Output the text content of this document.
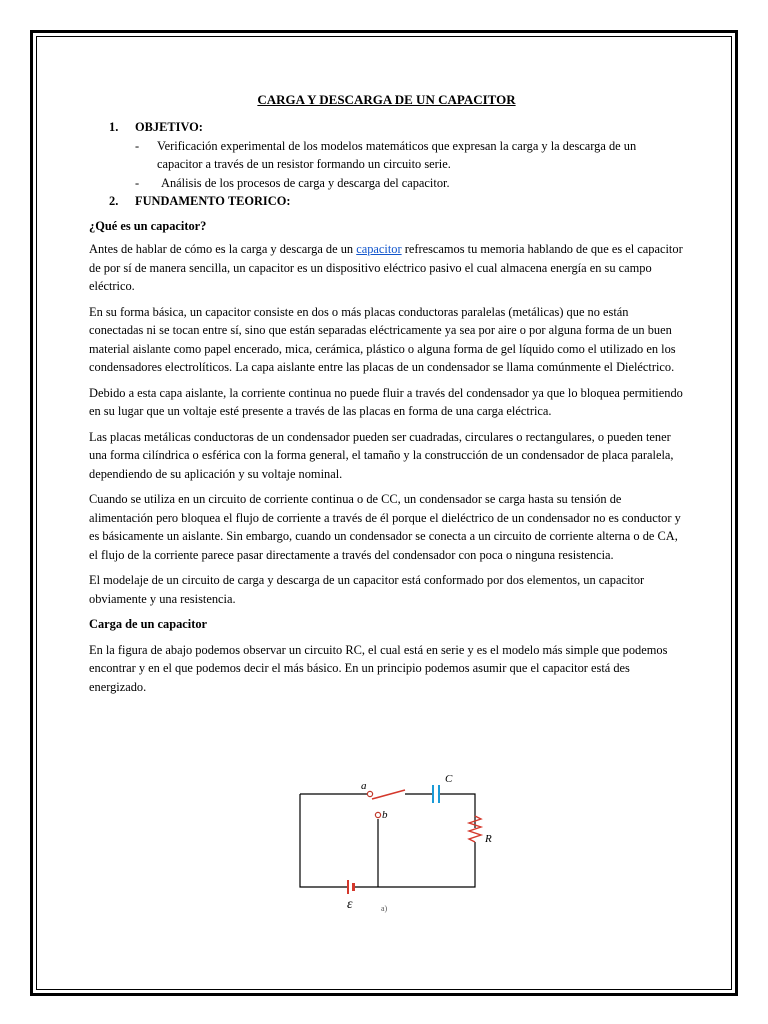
CARGA Y DESCARGA DE UN CAPACITOR
1. OBJETIVO:
- Verificación experimental de los modelos matemáticos que expresan la carga y la descarga de un capacitor a través de un resistor formando un circuito serie.
- Análisis de los procesos de carga y descarga del capacitor.
2. FUNDAMENTO TEORICO:
¿Qué es un capacitor?

Antes de hablar de cómo es la carga y descarga de un capacitor refrescamos tu memoria hablando de que es el capacitor de por sí de manera sencilla, un capacitor es un dispositivo eléctrico pasivo el cual almacena energía en su campo eléctrico.

En su forma básica, un capacitor consiste en dos o más placas conductoras paralelas (metálicas) que no están conectadas ni se tocan entre sí, sino que están separadas eléctricamente ya sea por aire o por alguna forma de un buen material aislante como papel encerado, mica, cerámica, plástico o alguna forma de gel líquido como el utilizado en los condensadores electrolíticos. La capa aislante entre las placas de un condensador se llama comúnmente el Dieléctrico.

Debido a esta capa aislante, la corriente continua no puede fluir a través del condensador ya que lo bloquea permitiendo en su lugar que un voltaje esté presente a través de las placas en forma de una carga eléctrica.

Las placas metálicas conductoras de un condensador pueden ser cuadradas, circulares o rectangulares, o pueden tener una forma cilíndrica o esférica con la forma general, el tamaño y la construcción de un condensador de placa paralela, dependiendo de su aplicación y su voltaje nominal.

Cuando se utiliza en un circuito de corriente continua o de CC, un condensador se carga hasta su tensión de alimentación pero bloquea el flujo de corriente a través de él porque el dieléctrico de un condensador no es conductor y es básicamente un aislante. Sin embargo, cuando un condensador se conecta a un circuito de corriente alterna o de CA, el flujo de la corriente parece pasar directamente a través del condensador con poca o ninguna resistencia.

El modelaje de un circuito de carga y descarga de un capacitor está conformado por dos elementos, un capacitor obviamente y una resistencia.

Carga de un capacitor

En la figura de abajo podemos observar un circuito RC, el cual está en serie y es el modelo más simple que podemos encontrar y en el que podemos decir el más básico. En un principio podemos asumir que el capacitor está des energizado.

a
b
C
R
ε	a)
